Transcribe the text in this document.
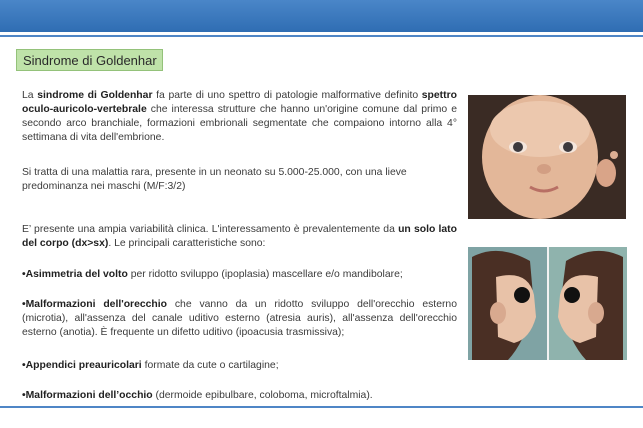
Sindrome di Goldenhar
La sindrome di Goldenhar fa parte di uno spettro di patologie malformative definito spettro oculo-auricolo-vertebrale che interessa strutture che hanno un'origine comune dal primo e secondo arco branchiale, formazioni embrionali segmentate che compaiono intorno alla 4° settimana di vita dell'embrione.
Si tratta di una malattia rara, presente in un neonato su 5.000-25.000, con una lieve predominanza nei maschi (M/F:3/2)
E’ presente una ampia variabilità clinica. L'interessamento è prevalentemente da un solo lato del corpo (dx>sx). Le principali caratteristiche sono:
•Asimmetria del volto per ridotto sviluppo (ipoplasia) mascellare e/o mandibolare;
•Malformazioni dell'orecchio che vanno da un ridotto sviluppo dell'orecchio esterno (microtia), all'assenza del canale uditivo esterno (atresia auris), all'assenza dell'orecchio esterno (anotia). È frequente un difetto uditivo (ipoacusia trasmissiva);
•Appendici preauricolari formate da cute o cartilagine;
•Malformazioni dell’occhio (dermoide epibulbare, coloboma, microftalmia).
